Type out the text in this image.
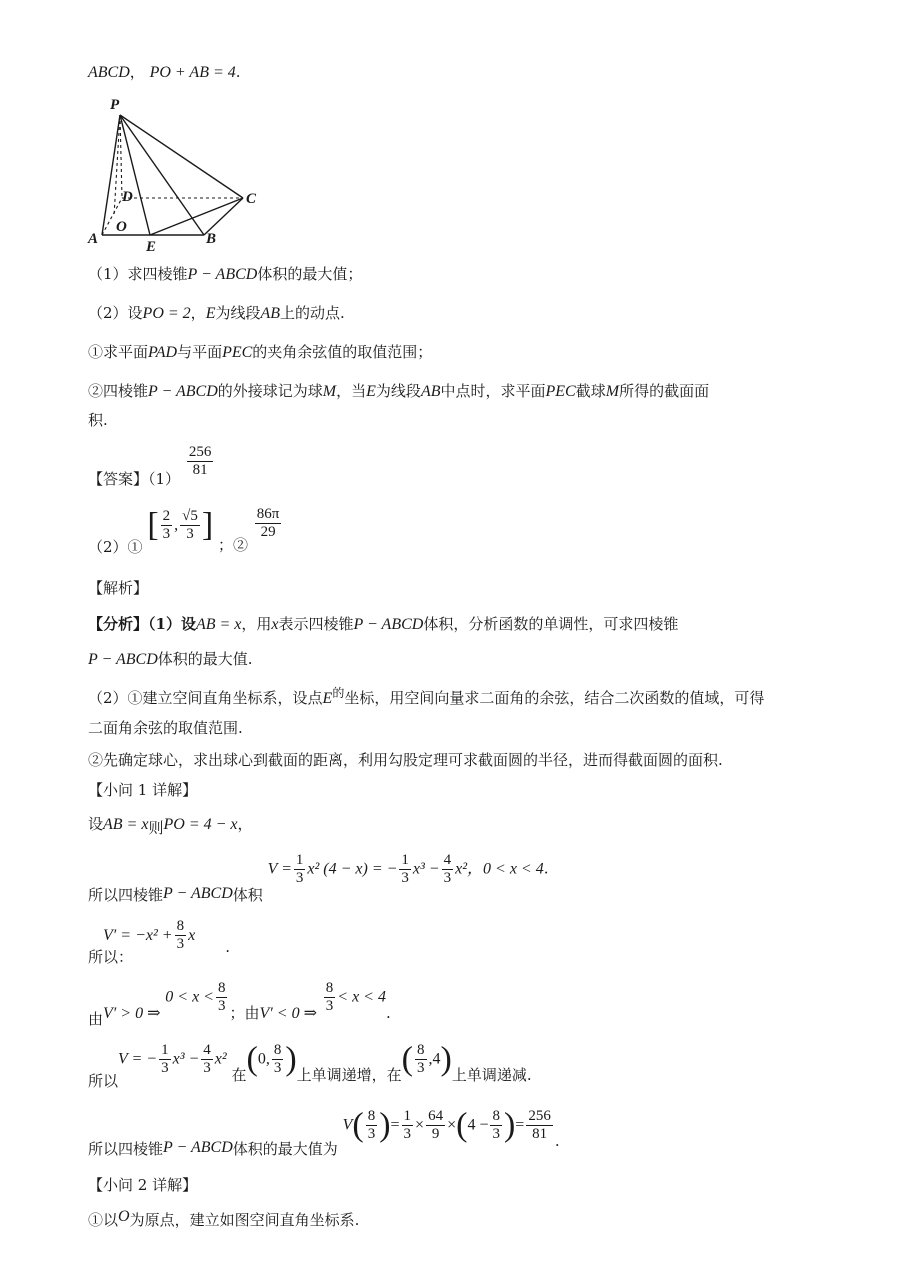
ABCD， PO + AB = 4.
P
D	C
O
A	E	B
（1）求四棱锥P − ABCD体积的最大值；
（2）设PO = 2，E为线段AB上的动点.
①求平面PAD与平面PEC的夹角余弦值的取值范围；
②四棱锥P − ABCD的外接球记为球M，当E为线段AB中点时，求平面PEC截球M所得的截面面
积.
【答案】$(1) \frac{256}{81}$
（2）① [ $\frac{2}{3}$ , $\frac{√5}{3}$ ] ；②
$\frac{86\pi}{29}$
【解析】
【分析】（1）设AB = x，用x表示四棱锥P − ABCD体积，分析函数的单调性，可求四棱锥
P − ABCD体积的最大值.
（2）①建立空间直角坐标系，设点$E^的$坐标，用空间向量求二面角的余弦，结合二次函数的值域，可得
二面角余弦的取值范围.
②先确定球心，求出球心到截面的距离，利用勾股定理可求截面圆的半径，进而得截面圆的面积.
【小问 1 详解】
设AB = x则PO = 4 − x，
所以四棱锥P − ABCD体积 $V = \frac{1}{3} x^2$ (4 − x) = − $\frac{1}{3} x^3 - \frac{4}{3} x^2$，0 < x < 4.
所以：$V' = -x^2 + \frac{8}{3} x$.
由V′ > 0 ⇒ $0 < x < \frac{8}{3}$ ；由V′ < 0 ⇒ $\frac{8}{3} < x < 4$.
所以V = − $\frac{1}{3} x^3 - \frac{4}{3} x^2$ 在(0, $\frac{8}{3}$ )上单调递增，在( $\frac{8}{3} ,4$)上单调递减.
所以四棱锥P − ABCD体积的最大值为 $V( \frac{8}{3}$ )= $\frac{1}{3} \times \frac{64}{9} \times(4 - \frac{8}{3}$ )= $\frac{256}{81}$ .
【小问 2 详解】
①以O为原点，建立如图空间直角坐标系.
